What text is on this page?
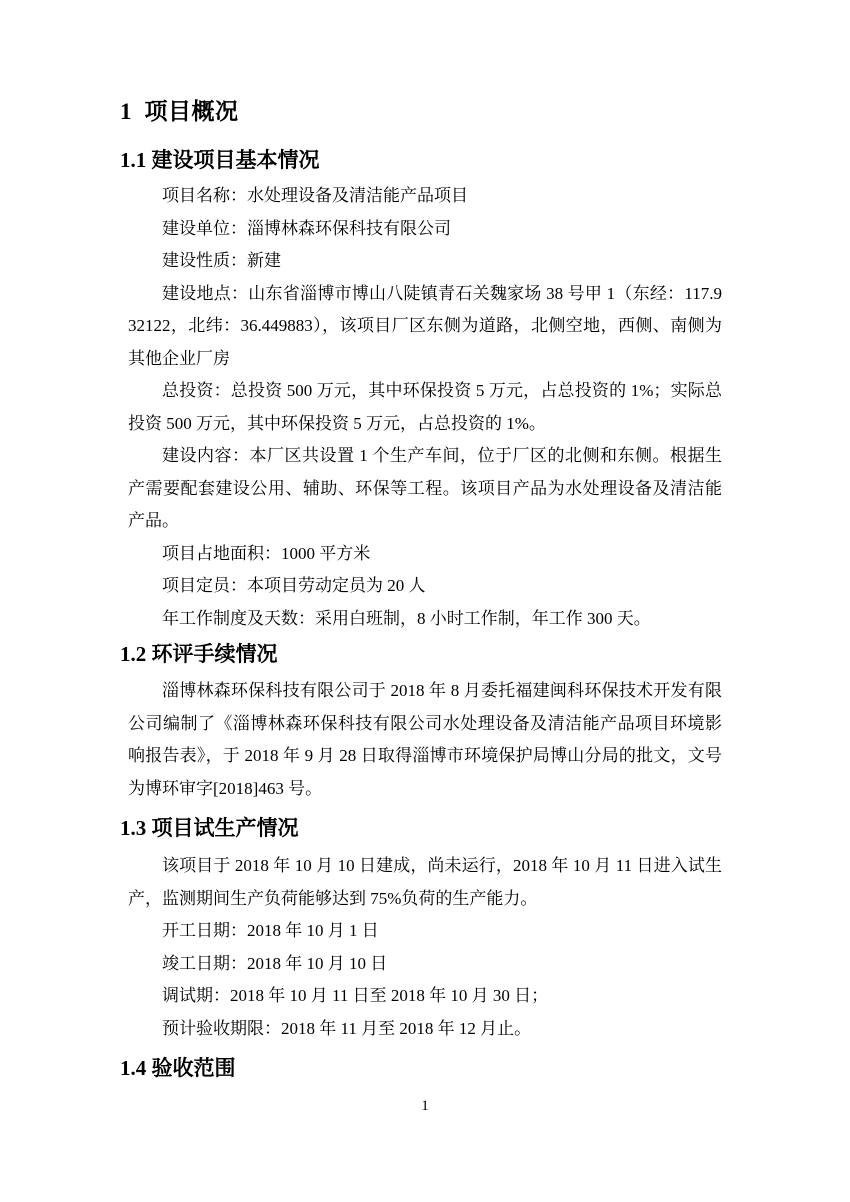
1  项目概况
1.1 建设项目基本情况

项目名称：水处理设备及清洁能产品项目

建设单位：淄博林森环保科技有限公司

建设性质：新建

建设地点：山东省淄博市博山八陡镇青石关魏家场 38 号甲 1（东经：117.932122，北纬：36.449883），该项目厂区东侧为道路，北侧空地，西侧、南侧为其他企业厂房

总投资：总投资 500 万元，其中环保投资 5 万元，占总投资的 1%；实际总投资 500 万元，其中环保投资 5 万元，占总投资的 1%。

建设内容：本厂区共设置 1 个生产车间，位于厂区的北侧和东侧。根据生产需要配套建设公用、辅助、环保等工程。该项目产品为水处理设备及清洁能产品。

项目占地面积：1000 平方米

项目定员：本项目劳动定员为 20 人

年工作制度及天数：采用白班制，8 小时工作制，年工作 300 天。

1.2 环评手续情况

淄博林森环保科技有限公司于 2018 年 8 月委托福建闽科环保技术开发有限公司编制了《淄博林森环保科技有限公司水处理设备及清洁能产品项目环境影响报告表》，于 2018 年 9 月 28 日取得淄博市环境保护局博山分局的批文，文号为博环审字[2018]463 号。

1.3 项目试生产情况

该项目于 2018 年 10 月 10 日建成，尚未运行，2018 年 10 月 11 日进入试生产，监测期间生产负荷能够达到 75%负荷的生产能力。

开工日期：2018 年 10 月 1 日

竣工日期：2018 年 10 月 10 日

调试期：2018 年 10 月 11 日至 2018 年 10 月 30 日；

预计验收期限：2018 年 11 月至 2018 年 12 月止。

1.4 验收范围
1
